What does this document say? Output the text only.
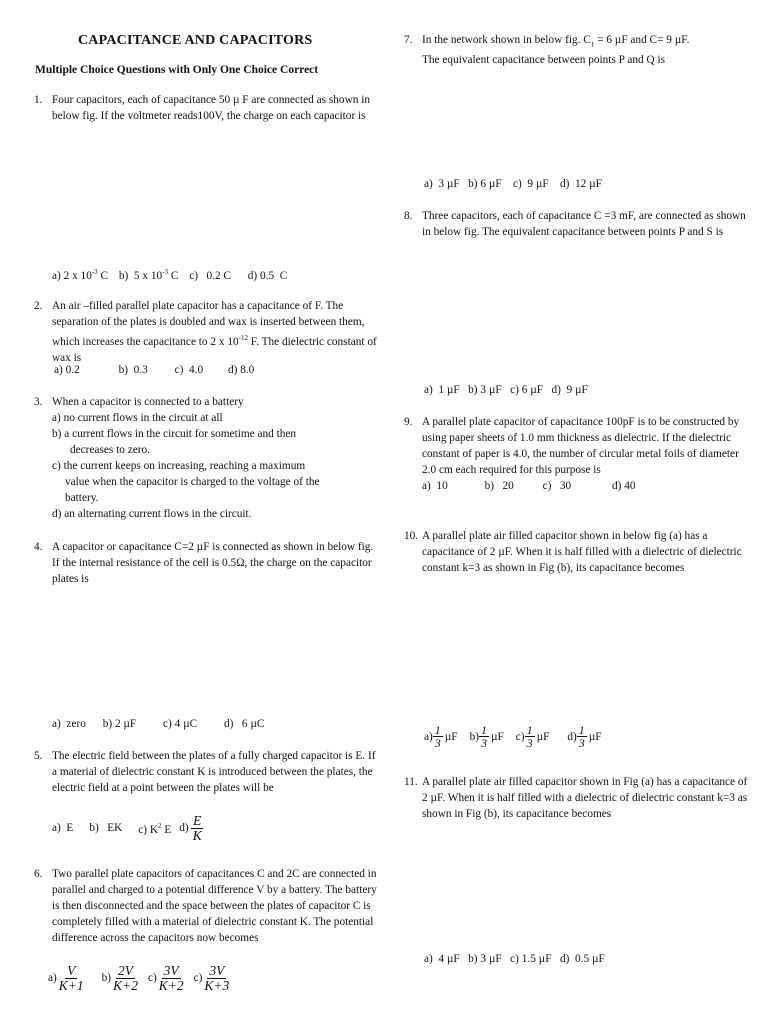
CAPACITANCE AND CAPACITORS
Multiple Choice Questions with Only One Choice Correct
1. Four capacitors, each of capacitance 50 µ F are connected as shown in below fig. If the voltmeter reads100V, the charge on each capacitor is
a) 2 x $10^{-3}$ C b)  5 x $10^{-3}$ C c)   0.2 C d) 0.5  C
2. An air –filled parallel plate capacitor has a capacitance of F. The separation of the plates is doubled and wax is inserted between them, which increases the capacitance to 2 x $10^{-12}$ F. The dielectric constant of wax is
a) 0.2	b)  0.3 c)  4.0 d) 8.0
3. When a capacitor is connected to a battery
a) no current flows in the circuit at all
b) a current flows in the circuit for sometime and then
decreases to zero.
c) the current keeps on increasing, reaching a maximum
value when the capacitor is charged to the voltage of the
battery.
d) an alternating current flows in the circuit.
4. A capacitor or capacitance C=2 µF is connected as shown in below fig. If the internal resistance of the cell is 0.5Ω, the charge on the capacitor plates is
a)  zero b) 2 µF c) 4 µC d)   6 µC
5. The electric field between the plates of a fully charged capacitor is E. If a material of dielectric constant K is introduced between the plates, the electric field at a point between the plates will be
a)  E b)   EK c) $K^2$ E $d) \frac{E}{K}$
6. Two parallel plate capacitors of capacitances C and 2C are connected in parallel and charged to a potential difference V by a battery. The battery is then disconnected and the space between the plates of capacitor C is completely filled with a material of dielectric constant K. The potential difference across the capacitors now becomes
$a) \frac{V}{K+1} b) \frac{2V}{K+2} c) \frac{3V}{K+2} c) \frac{3V}{K+3}$
7. In the network shown in below fig. $C_1 = 6$ µF and C= 9 µF.
The equivalent capacitance between points P and Q is
a)  3 µF   b) 6 µF    c)  9 µF    d)  12 µF
8. Three capacitors, each of capacitance C =3 mF, are connected as shown in below fig. The equivalent capacitance between points P and S is
a)  1 µF   b) 3 µF   c) 6 µF   d)  9 µF
9. A parallel plate capacitor of capacitance 100pF is to be constructed by using paper sheets of 1.0 mm thickness as dielectric. If the dielectric constant of paper is 4.0, the number of circular metal foils of diameter 2.0 cm each required for this purpose is
a)  10	b)   20	c)   30	d) 40
10. A parallel plate air filled capacitor shown in below fig (a) has a capacitance of 2 µF. When it is half filled with a dielectric of dielectric constant k=3 as shown in Fig (b), its capacitance becomes
$a) \frac{1}{3}$ µF $b) \frac{1}{3}$ µF $c) \frac{1}{3}$ µF $d) \frac{1}{3}$ µF
11. A parallel plate air filled capacitor shown in Fig (a) has a capacitance of 2 µF. When it is half filled with a dielectric of dielectric constant k=3 as shown in Fig (b), its capacitance becomes
a)  4 µF   b) 3 µF   c) 1.5 µF   d)  0.5 µF
